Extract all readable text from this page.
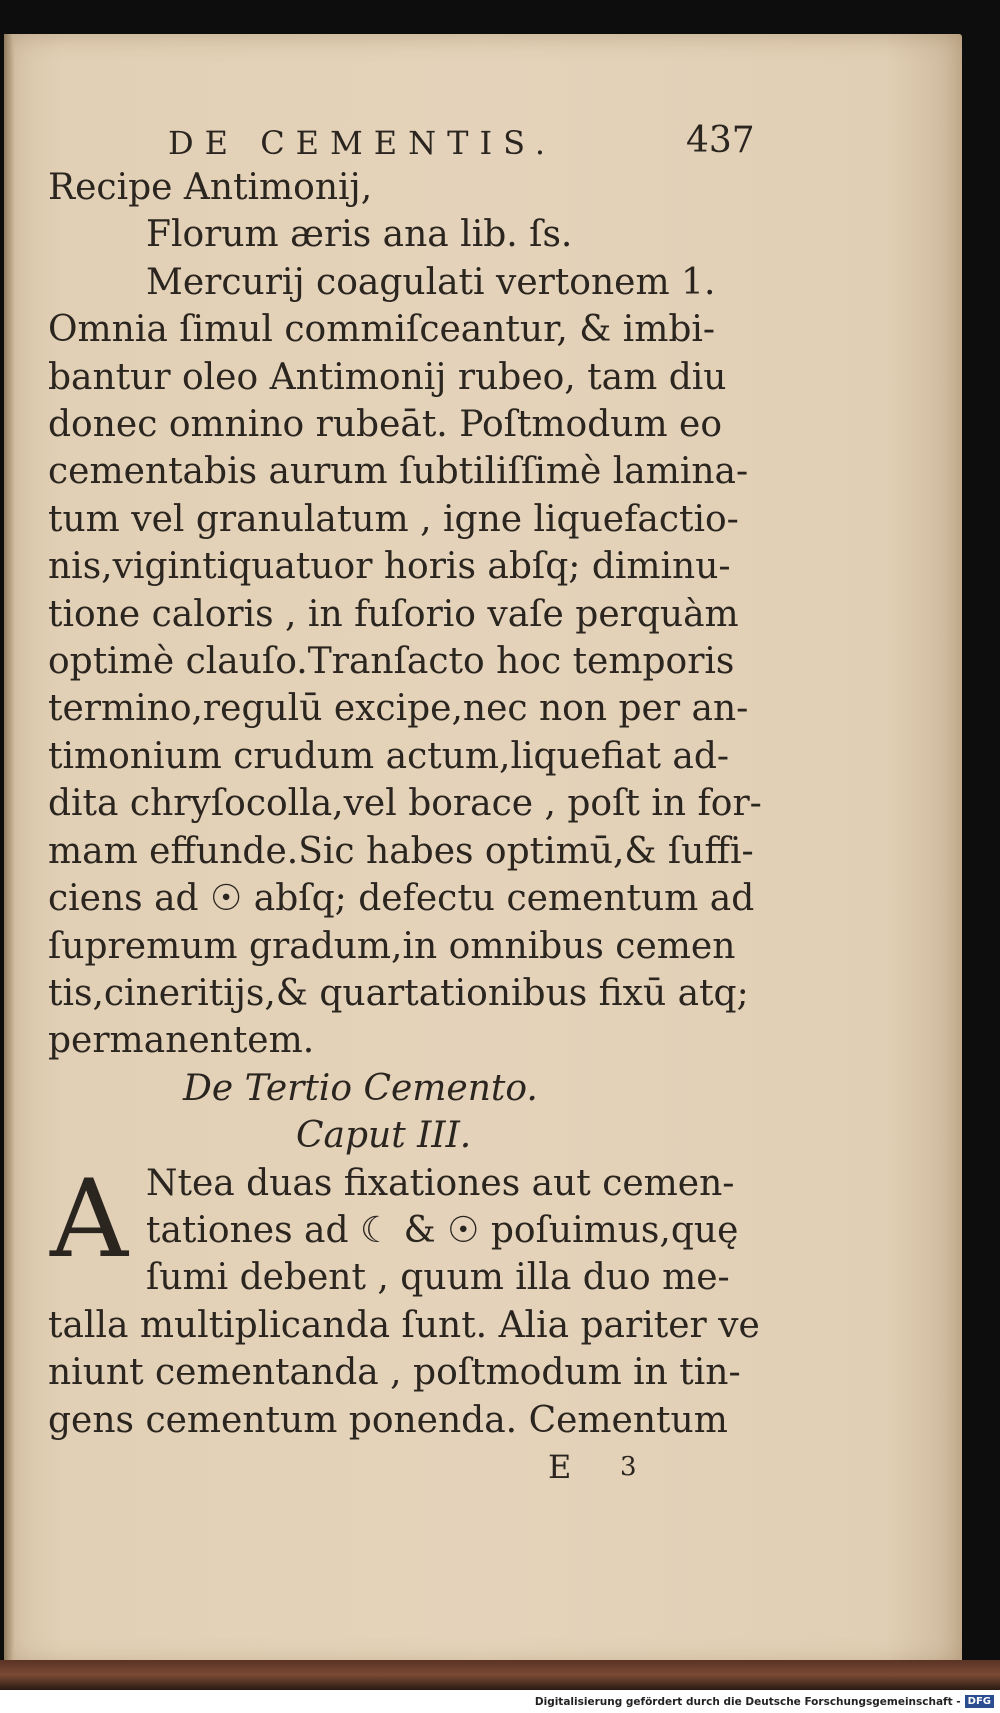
DE CEMENTIS.	437
Recipe Antimonij,
Florum æris ana lib. ſs.
Mercurij coagulati vertonem 1.
Omnia ſimul commiſceantur, & imbi-
bantur oleo Antimonij rubeo, tam diu
donec omnino rubeāt. Poſtmodum eo
cementabis aurum ſubtiliſſimè lamina-
tum vel granulatum , igne liquefactio-
nis,vigintiquatuor horis abſq; diminu-
tione caloris , in fuſorio vaſe perquàm
optimè clauſo.Tranſacto hoc temporis
termino,regulū excipe,nec non per an-
timonium crudum actum,liquefiat ad-
dita chryſocolla,vel borace , poſt in for-
mam effunde.Sic habes optimū,& ſuffi-
ciens ad ☉ abſq; defectu cementum ad
ſupremum gradum,in omnibus cemen
tis,cineritijs,& quartationibus fixū atq;
permanentem.
De Tertio Cemento.
Caput III.
A Ntea duas fixationes aut cemen-
tationes ad ☾ & ☉ poſuimus,quę
ſumi debent , quum illa duo me-
talla multiplicanda ſunt. Alia pariter ve
niunt cementanda , poſtmodum in tin-
gens cementum ponenda. Cementum
E 3
Digitalisierung gefördert durch die Deutsche Forschungsgemeinschaft - DFG
